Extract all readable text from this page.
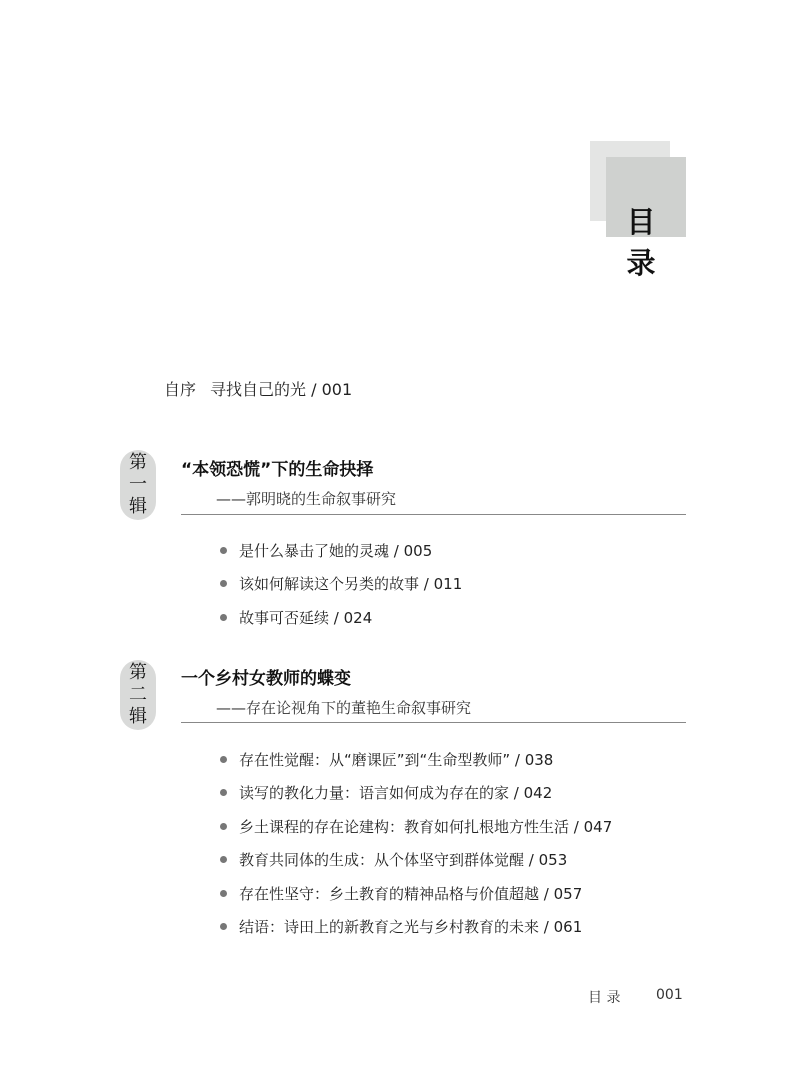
目 录
自序 寻找自己的光 / 001
第
一
辑
“本领恐慌”下的生命抉择
——郭明晓的生命叙事研究
是什么暴击了她的灵魂
/ 005
该如何解读这个另类的故事
/ 011
故事可否延续
/ 024
第
二
辑
一个乡村女教师的蝶变
——存在论视角下的董艳生命叙事研究
存在性觉醒：从“磨课匠”到“生命型教师”
/ 038
读写的教化力量：语言如何成为存在的家
/ 042
乡土课程的存在论建构：教育如何扎根地方性生活
/ 047
教育共同体的生成：从个体坚守到群体觉醒
/ 053
存在性坚守：乡土教育的精神品格与价值超越
/ 057
结语：诗田上的新教育之光与乡村教育的未来
/ 061
目 录	001
